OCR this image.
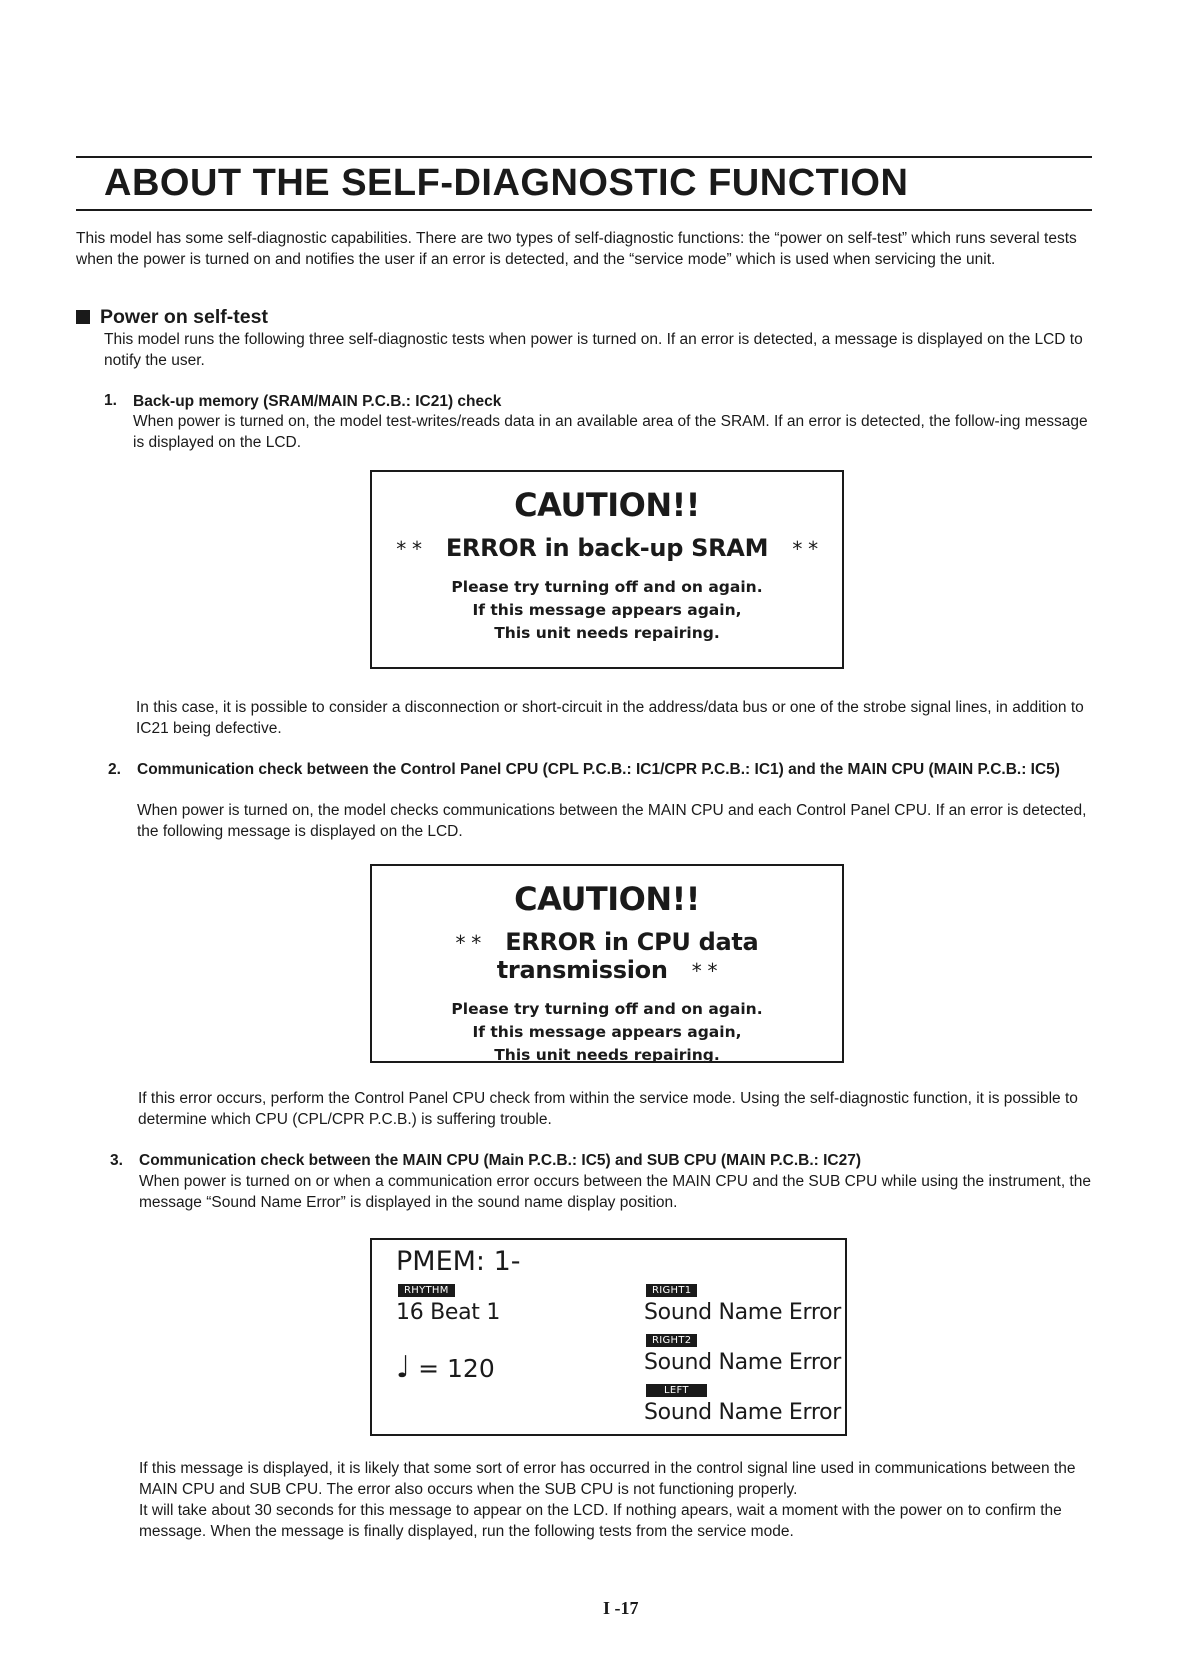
ABOUT THE SELF-DIAGNOSTIC FUNCTION
This model has some self-diagnostic capabilities. There are two types of self-diagnostic functions: the “power on self-test” which runs several tests when the power is turned on and notifies the user if an error is detected, and the “service mode” which is used when servicing the unit.
Power on self-test
This model runs the following three self-diagnostic tests when power is turned on. If an error is detected, a message is displayed on the LCD to notify the user.
1. Back-up memory (SRAM/MAIN P.C.B.: IC21) check
When power is turned on, the model test-writes/reads data in an available area of the SRAM. If an error is detected, the follow-ing message is displayed on the LCD.
CAUTION!!
* * ERROR in back-up SRAM * *
Please try turning off and on again.
If this message appears again,
This unit needs repairing.
In this case, it is possible to consider a disconnection or short-circuit in the address/data bus or one of the strobe signal lines, in addition to IC21 being defective.
2. Communication check between the Control Panel CPU (CPL P.C.B.: IC1/CPR P.C.B.: IC1) and the MAIN CPU (MAIN P.C.B.: IC5)
When power is turned on, the model checks communications between the MAIN CPU and each Control Panel CPU. If an error is detected, the following message is displayed on the LCD.
CAUTION!!
* * ERROR in CPU data transmission * *
Please try turning off and on again.
If this message appears again,
This unit needs repairing.
If this error occurs, perform the Control Panel CPU check from within the service mode. Using the self-diagnostic function, it is possible to determine which CPU (CPL/CPR P.C.B.) is suffering trouble.
3. Communication check between the MAIN CPU (Main P.C.B.: IC5) and SUB CPU (MAIN P.C.B.: IC27)
When power is turned on or when a communication error occurs between the MAIN CPU and the SUB CPU while using the instrument, the message “Sound Name Error” is displayed in the sound name display position.
PMEM: 1-
RHYTHM
16 Beat 1
♩ = 120
RIGHT1
Sound Name Error
RIGHT2
Sound Name Error
LEFT
Sound Name Error
If this message is displayed, it is likely that some sort of error has occurred in the control signal line used in communications between the MAIN CPU and SUB CPU. The error also occurs when the SUB CPU is not functioning properly.
It will take about 30 seconds for this message to appear on the LCD. If nothing apears, wait a moment with the power on to confirm the message. When the message is finally displayed, run the following tests from the service mode.
I -17
